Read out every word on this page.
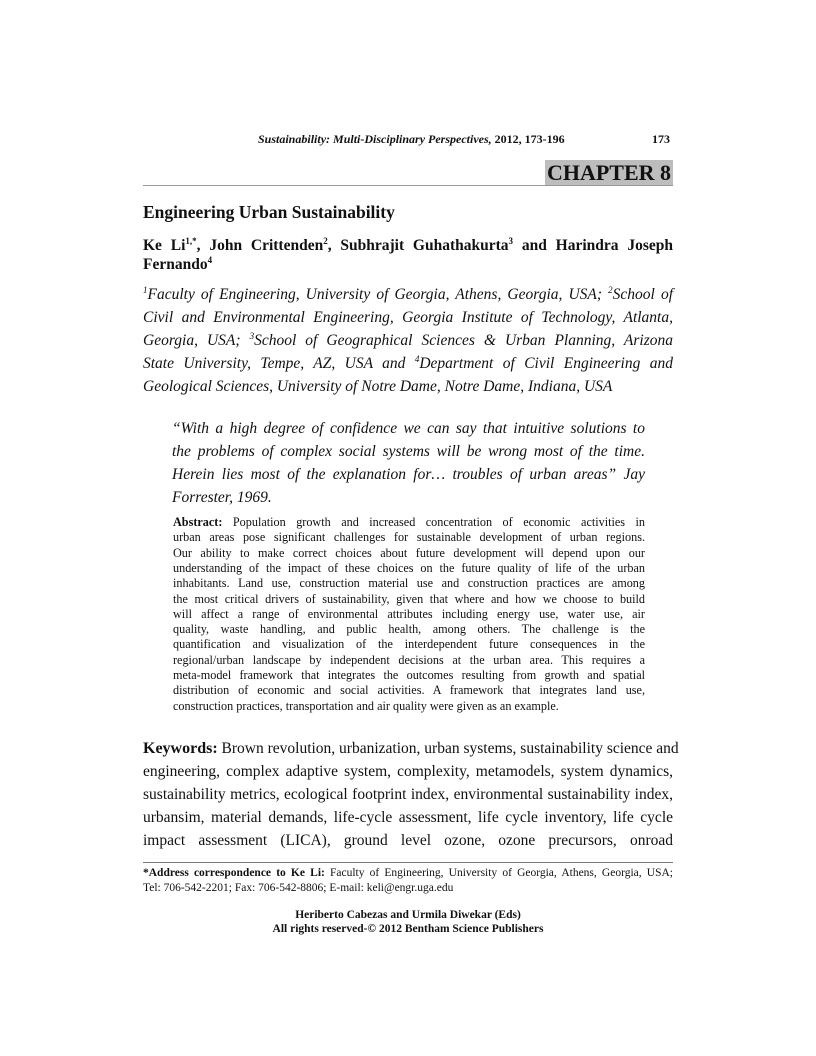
Sustainability: Multi-Disciplinary Perspectives, 2012, 173-196	173
CHAPTER 8
Engineering Urban Sustainability
Ke $Li^{1,*}$, John Crittenden$^2$, Subhrajit Guhathakurta$^3$ and Harindra Joseph
Fernando$^4$
$^1$Faculty of Engineering, University of Georgia, Athens, Georgia, USA; $^2$School of
Civil and Environmental Engineering, Georgia Institute of Technology, Atlanta,
Georgia, USA; $^3$School of Geographical Sciences & Urban Planning, Arizona
State University, Tempe, AZ, USA and $^4$Department of Civil Engineering and
Geological Sciences, University of Notre Dame, Notre Dame, Indiana, USA
“With a high degree of confidence we can say that intuitive solutions to
the problems of complex social systems will be wrong most of the time.
Herein lies most of the explanation for… troubles of urban areas” Jay
Forrester, 1969.
Abstract: Population growth and increased concentration of economic activities in
urban areas pose significant challenges for sustainable development of urban regions.
Our ability to make correct choices about future development will depend upon our
understanding of the impact of these choices on the future quality of life of the urban
inhabitants. Land use, construction material use and construction practices are among
the most critical drivers of sustainability, given that where and how we choose to build
will affect a range of environmental attributes including energy use, water use, air
quality, waste handling, and public health, among others. The challenge is the
quantification and visualization of the interdependent future consequences in the
regional/urban landscape by independent decisions at the urban area. This requires a
meta-model framework that integrates the outcomes resulting from growth and spatial
distribution of economic and social activities. A framework that integrates land use,
construction practices, transportation and air quality were given as an example.
Keywords: Brown revolution, urbanization, urban systems, sustainability science and
engineering, complex adaptive system, complexity, metamodels, system dynamics,
sustainability metrics, ecological footprint index, environmental sustainability index,
urbansim, material demands, life-cycle assessment, life cycle inventory, life cycle
impact assessment (LICA), ground level ozone, ozone precursors, onroad
*Address correspondence to Ke Li: Faculty of Engineering, University of Georgia, Athens, Georgia, USA;
Tel: 706-542-2201; Fax: 706-542-8806; E-mail: keli@engr.uga.edu
Heriberto Cabezas and Urmila Diwekar (Eds)
All rights reserved-© 2012 Bentham Science Publishers
